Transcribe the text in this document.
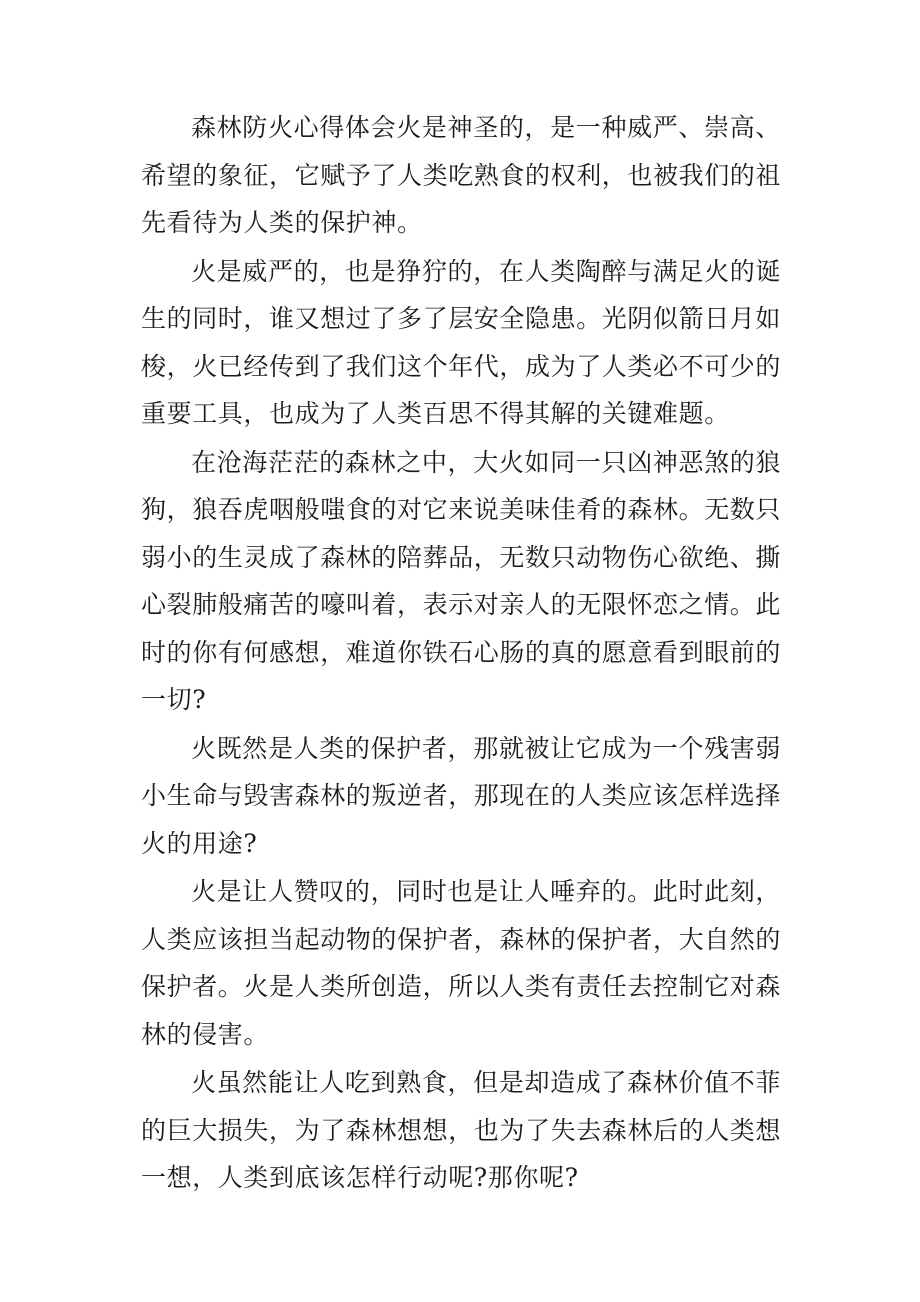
森林防火心得体会火是神圣的，是一种威严、崇高、希望的象征，它赋予了人类吃熟食的权利，也被我们的祖先看待为人类的保护神。

火是威严的，也是狰狞的，在人类陶醉与满足火的诞生的同时，谁又想过了多了层安全隐患。光阴似箭日月如梭，火已经传到了我们这个年代，成为了人类必不可少的重要工具，也成为了人类百思不得其解的关键难题。

在沧海茫茫的森林之中，大火如同一只凶神恶煞的狼狗，狼吞虎咽般嗤食的对它来说美味佳肴的森林。无数只弱小的生灵成了森林的陪葬品，无数只动物伤心欲绝、撕心裂肺般痛苦的嚎叫着，表示对亲人的无限怀恋之情。此时的你有何感想，难道你铁石心肠的真的愿意看到眼前的一切?

火既然是人类的保护者，那就被让它成为一个残害弱小生命与毁害森林的叛逆者，那现在的人类应该怎样选择火的用途?

火是让人赞叹的，同时也是让人唾弃的。此时此刻，人类应该担当起动物的保护者，森林的保护者，大自然的保护者。火是人类所创造，所以人类有责任去控制它对森林的侵害。

火虽然能让人吃到熟食，但是却造成了森林价值不菲的巨大损失，为了森林想想，也为了失去森林后的人类想一想，人类到底该怎样行动呢?那你呢?
